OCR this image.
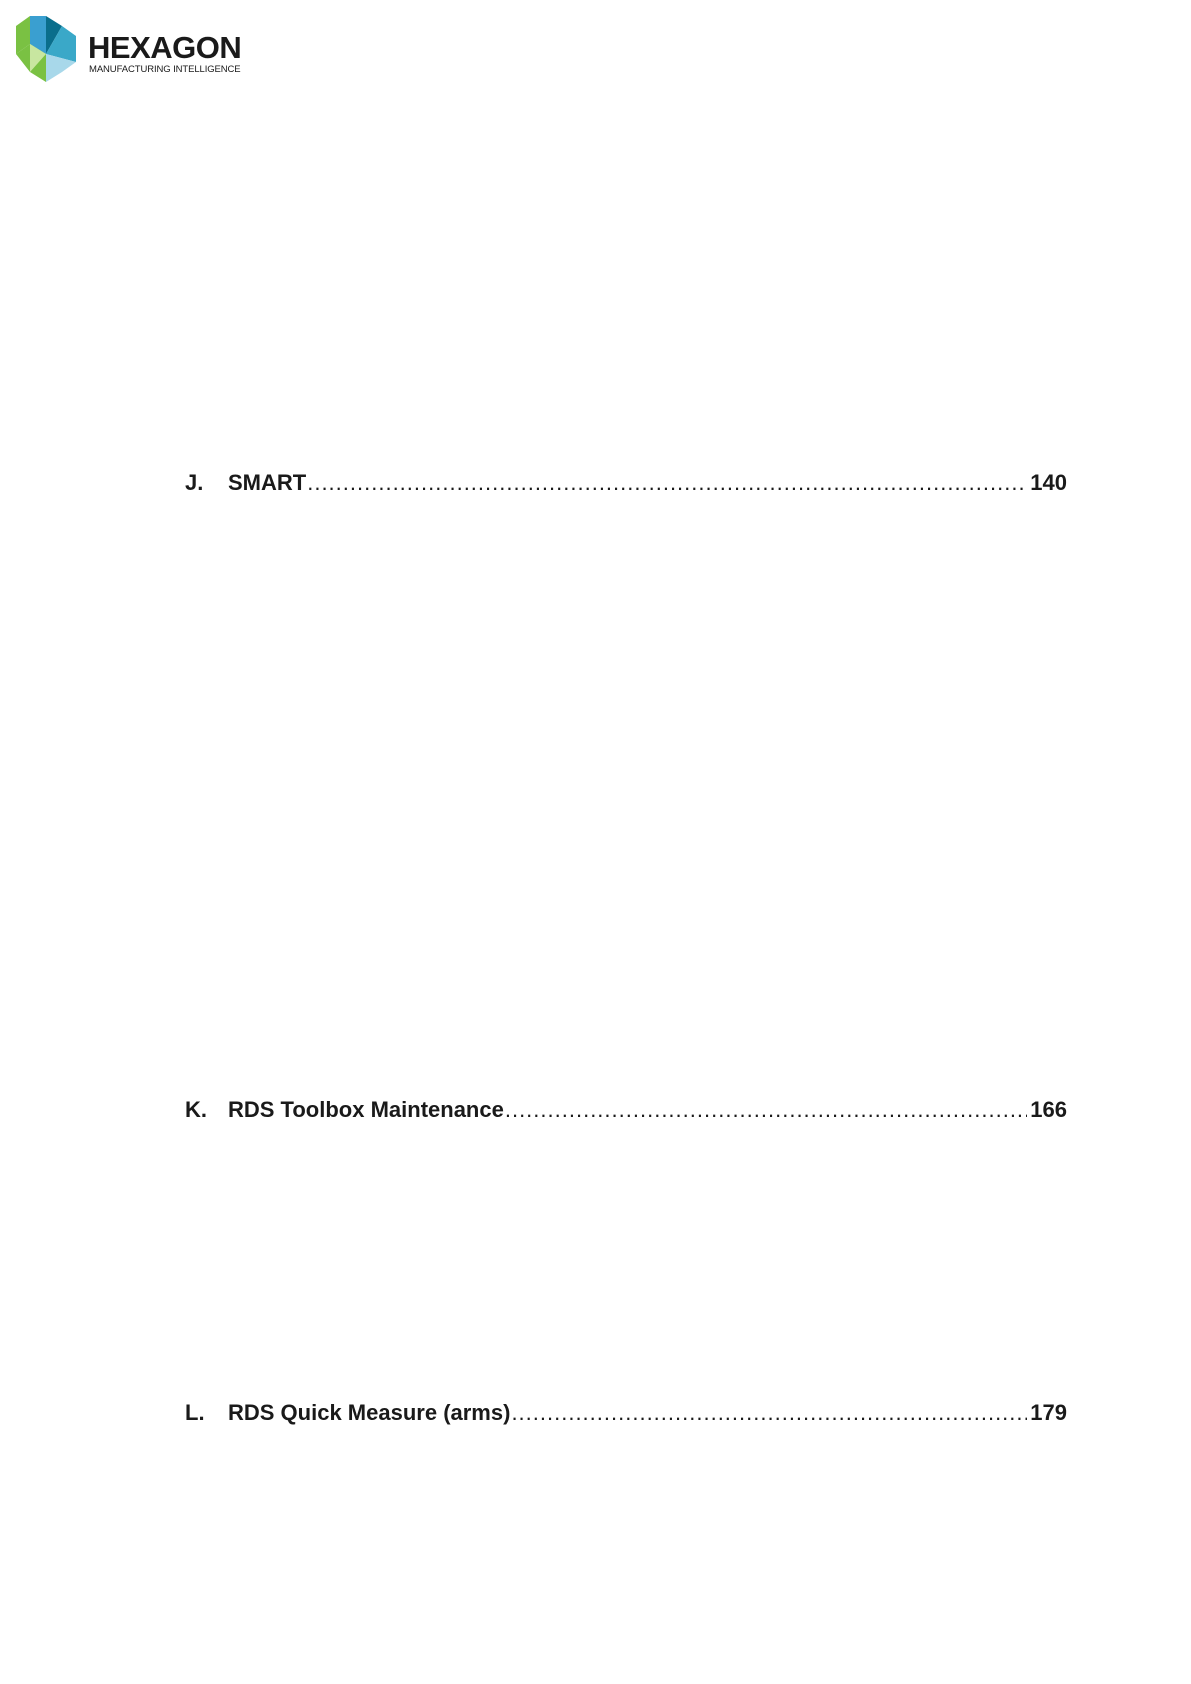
HEXAGON
MANUFACTURING INTELLIGENCE
J.	SMART .....	140
K. RDS Toolbox Maintenance .....	166
L.	RDS Quick Measure (arms) .....	179
